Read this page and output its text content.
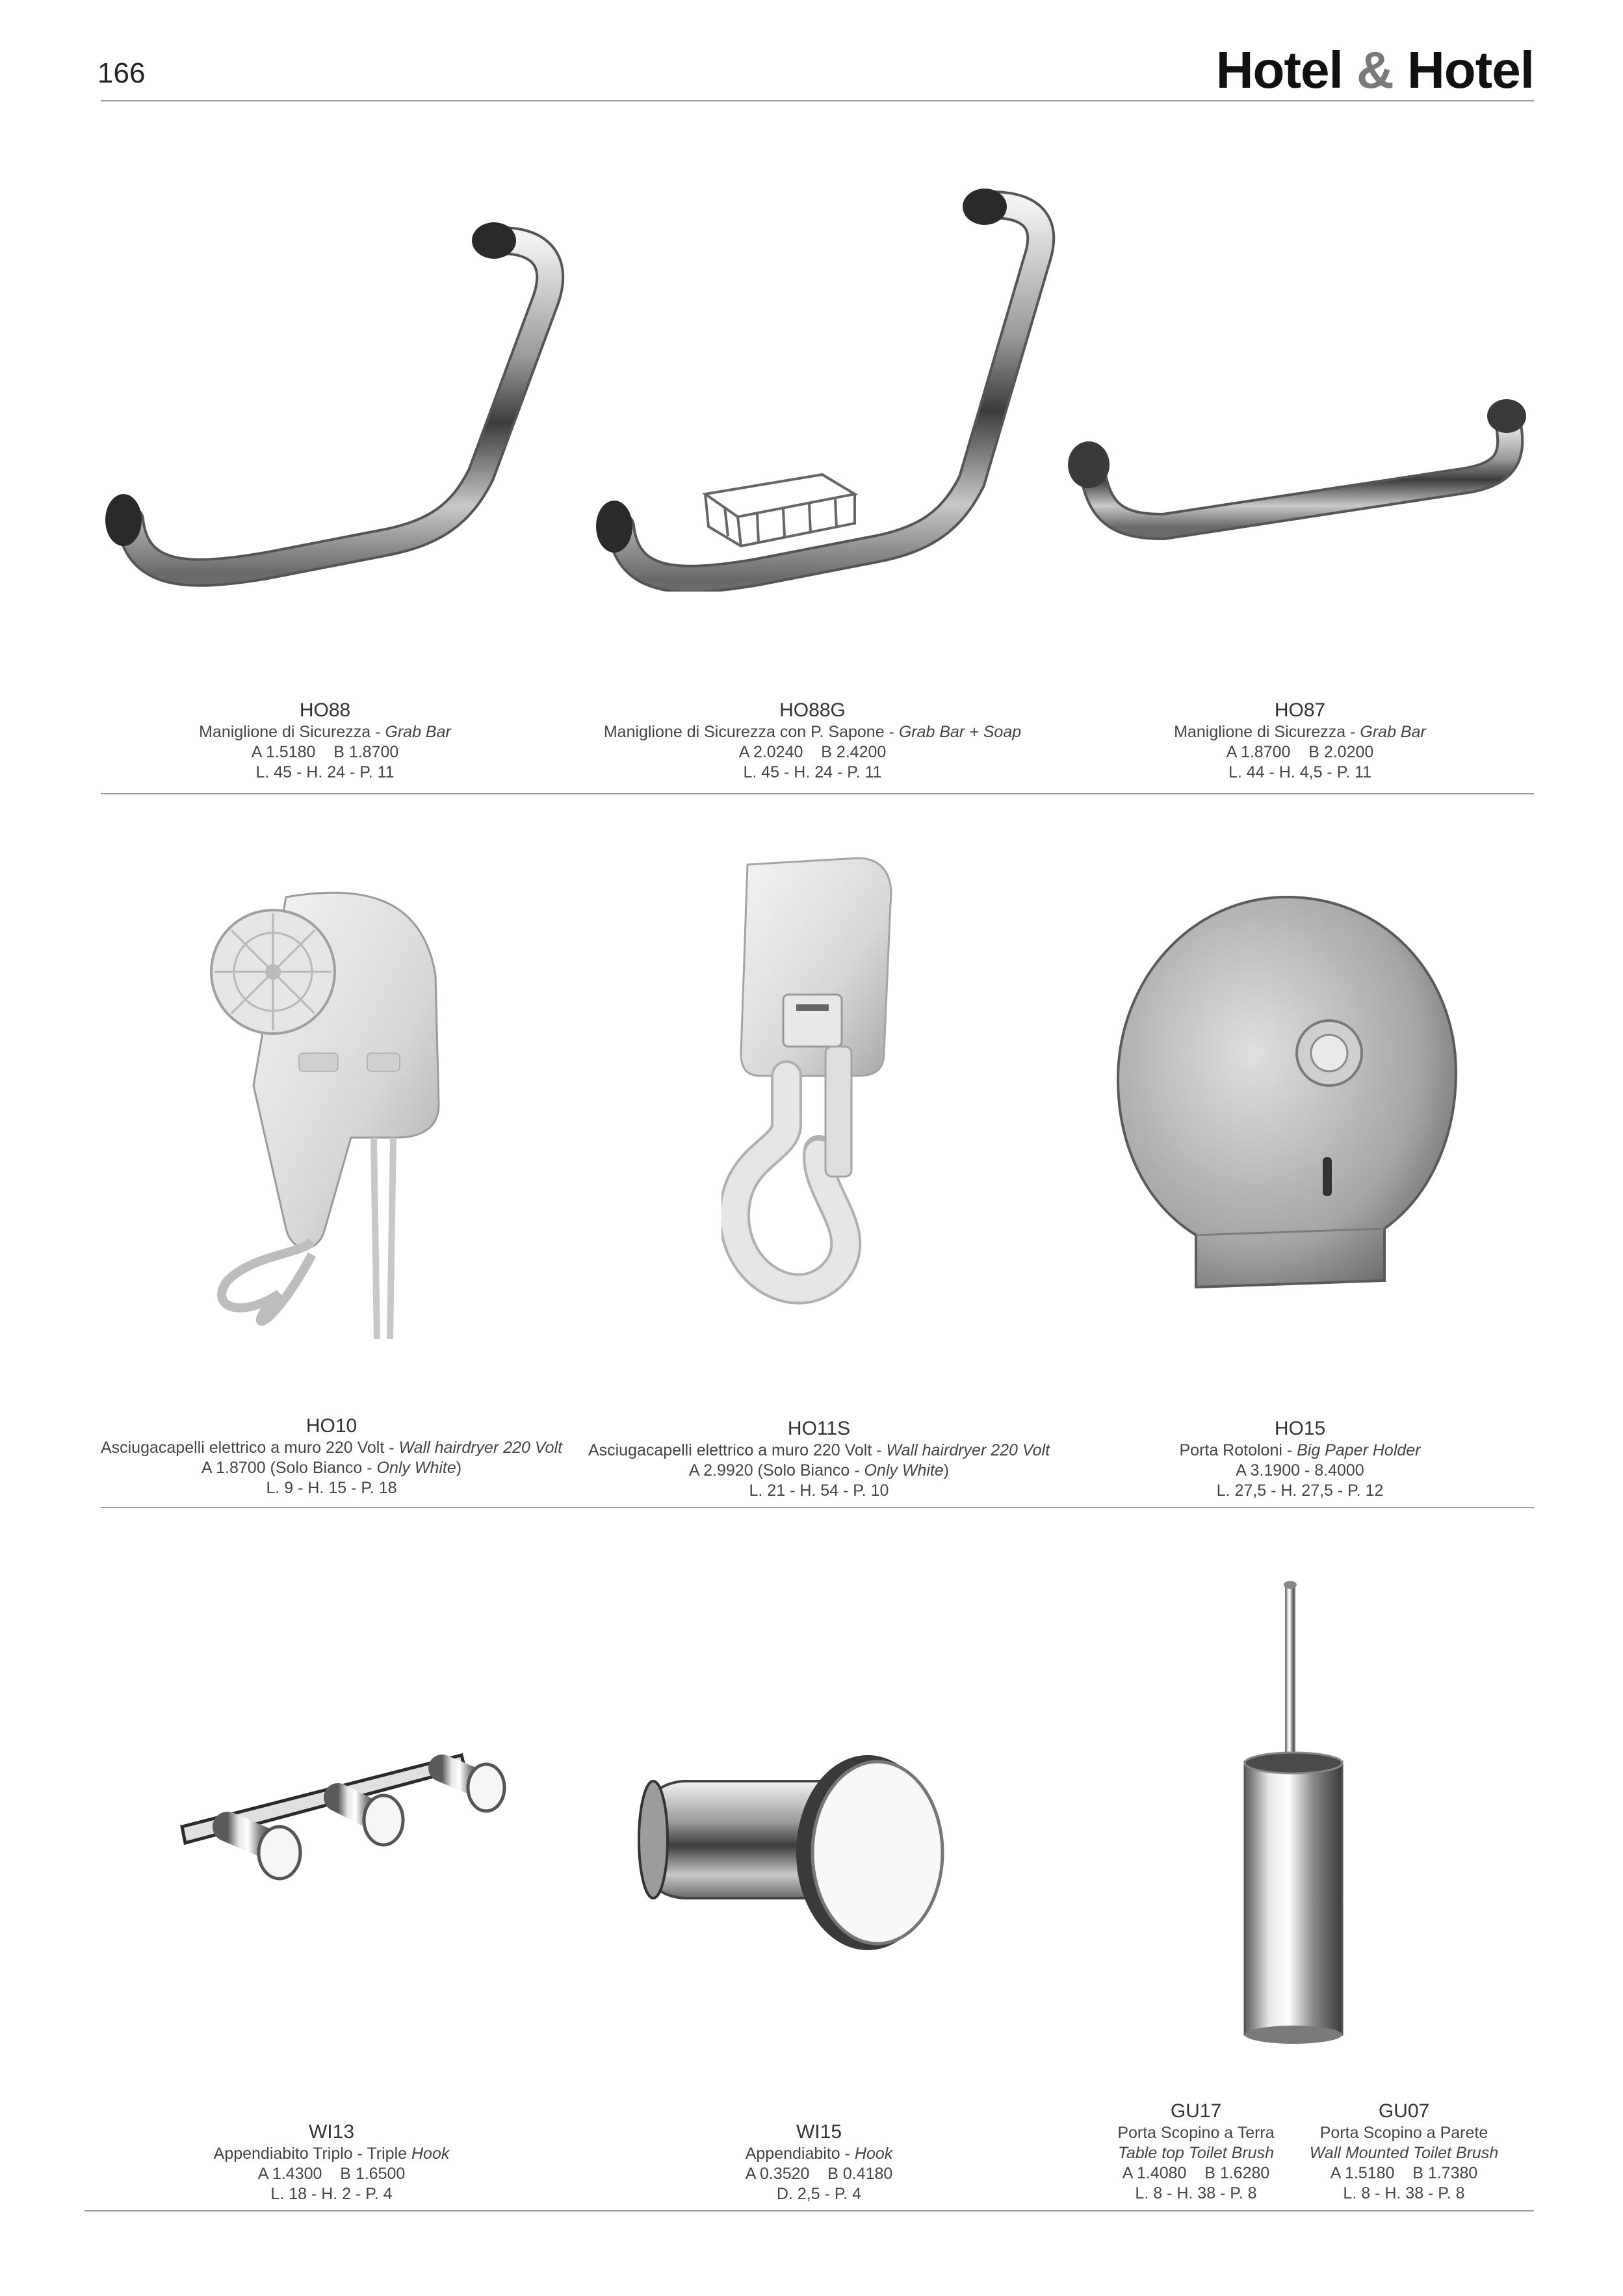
166	Hotel & Hotel
HO88
Maniglione di Sicurezza - Grab Bar
A 1.5180    B 1.8700
L. 45 - H. 24 - P. 11
HO88G
Maniglione di Sicurezza con P. Sapone - Grab Bar + Soap
A 2.0240    B 2.4200
L. 45 - H. 24 - P. 11
HO87
Maniglione di Sicurezza - Grab Bar
A 1.8700    B 2.0200
L. 44 - H. 4,5 - P. 11
HO10
Asciugacapelli elettrico a muro 220 Volt - Wall hairdryer 220 Volt
A 1.8700 (Solo Bianco - Only White)
L. 9 - H. 15 - P. 18
HO11S
Asciugacapelli elettrico a muro 220 Volt - Wall hairdryer 220 Volt
A 2.9920 (Solo Bianco - Only White)
L. 21 - H. 54 - P. 10
HO15
Porta Rotoloni - Big Paper Holder
A 3.1900 - 8.4000
L. 27,5 - H. 27,5 - P. 12
WI13
Appendiabito Triplo - Triple Hook
A 1.4300    B 1.6500
L. 18 - H. 2 - P. 4
WI15
Appendiabito - Hook
A 0.3520    B 0.4180
D. 2,5 - P. 4
GU17
Porta Scopino a Terra
Table top Toilet Brush
A 1.4080    B 1.6280
L. 8 - H. 38 - P. 8
GU07
Porta Scopino a Parete
Wall Mounted Toilet Brush
A 1.5180    B 1.7380
L. 8 - H. 38 - P. 8
